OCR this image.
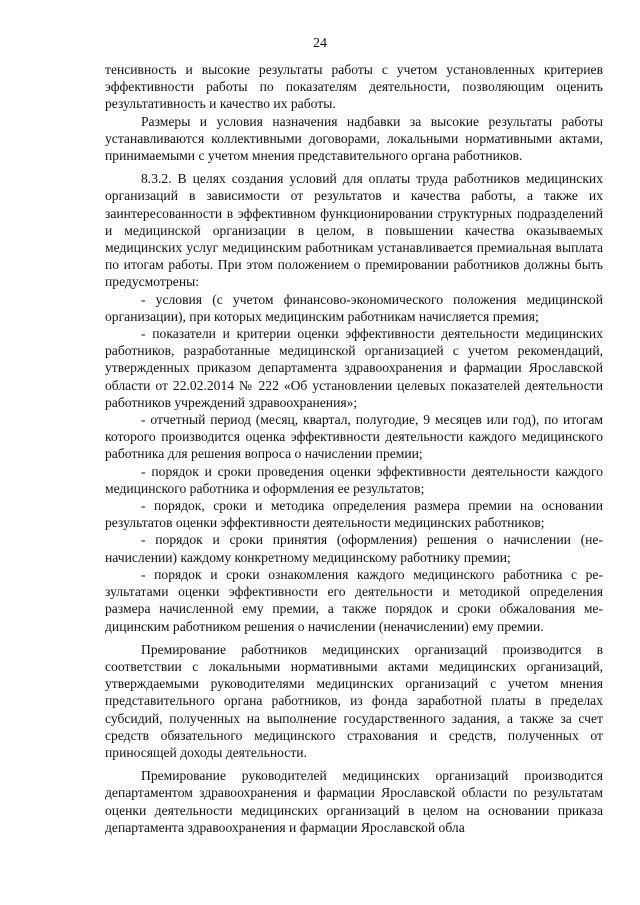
24

тенсивность и высокие результаты работы с учетом установленных критериев эффективности работы по показателям деятельности, позволяющим оценить результативность и качество их работы.

Размеры и условия назначения надбавки за высокие результаты работы устанавливаются коллективными договорами, локальными нормативными актами, принимаемыми с учетом мнения представительного органа работников.

8.3.2. В целях создания условий для оплаты труда работников медицинских организаций в зависимости от результатов и качества работы, а также их заинтересованности в эффективном функционировании структурных подразделений и медицинской организации в целом, в повышении качества оказываемых медицинских услуг медицинским работникам устанавливается премиальная выплата по итогам работы. При этом положением о премировании работников должны быть предусмотрены:

- условия (с учетом финансово-экономического положения медицинской организации), при которых медицинским работникам начисляется премия;

- показатели и критерии оценки эффективности деятельности медицинских работников, разработанные медицинской организацией с учетом рекомендаций, утвержденных приказом департамента здравоохранения и фармации Ярославской области от 22.02.2014 № 222 «Об установлении целевых показателей деятельности работников учреждений здравоохранения»;

- отчетный период (месяц, квартал, полугодие, 9 месяцев или год), по итогам которого производится оценка эффективности деятельности каждого медицинского работника для решения вопроса о начислении премии;

- порядок и сроки проведения оценки эффективности деятельности каждого медицинского работника и оформления ее результатов;

- порядок, сроки и методика определения размера премии на основании результатов оценки эффективности деятельности медицинских работников;

- порядок и сроки принятия (оформления) решения о начислении (неначислении) каждому конкретному медицинскому работнику премии;

- порядок и сроки ознакомления каждого медицинского работника с результатами оценки эффективности его деятельности и методикой определения размера начисленной ему премии, а также порядок и сроки обжалования медицинским работником решения о начислении (неначислении) ему премии.

Премирование работников медицинских организаций производится в соответствии с локальными нормативными актами медицинских организаций, утверждаемыми руководителями медицинских организаций с учетом мнения представительного органа работников, из фонда заработной платы в пределах субсидий, полученных на выполнение государственного задания, а также за счет средств обязательного медицинского страхования и средств, полученных от приносящей доходы деятельности.

Премирование руководителей медицинских организаций производится департаментом здравоохранения и фармации Ярославской области по результатам оценки деятельности медицинских организаций в целом на основании приказа департамента здравоохранения и фармации Ярославской обла
